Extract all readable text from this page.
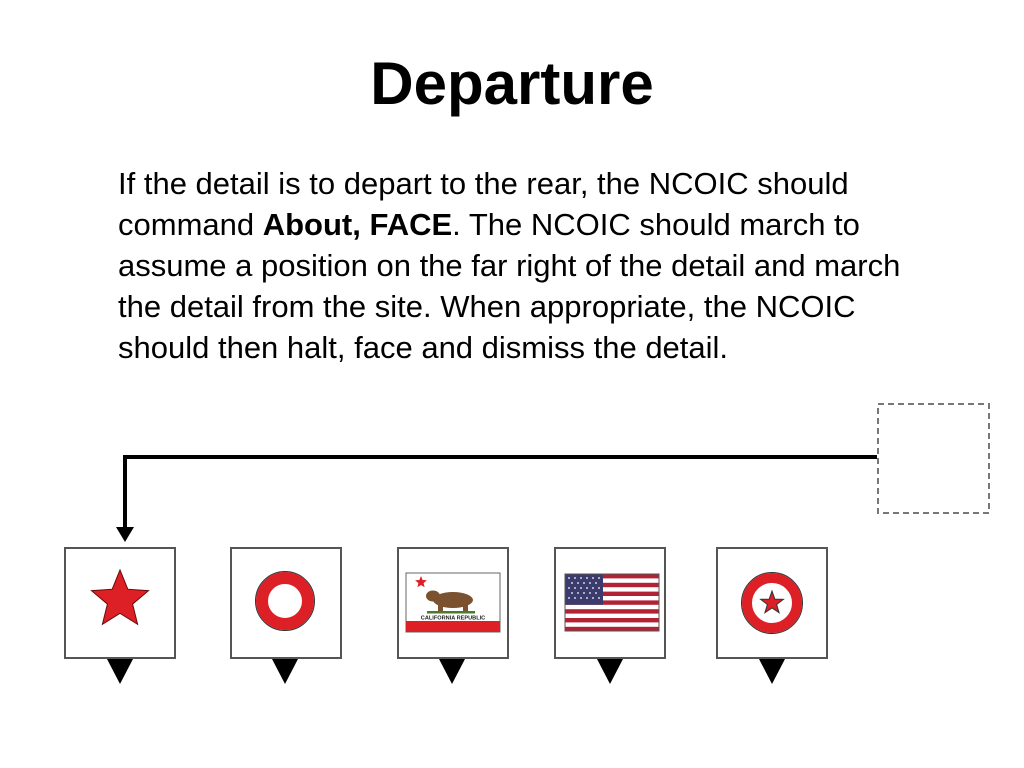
Departure

If the detail is to depart to the rear, the NCOIC should command About, FACE. The NCOIC should march to assume a position on the far right of the detail and march the detail from the site. When appropriate, the NCOIC should then halt, face and dismiss the detail.

CALIFORNIA REPUBLIC
